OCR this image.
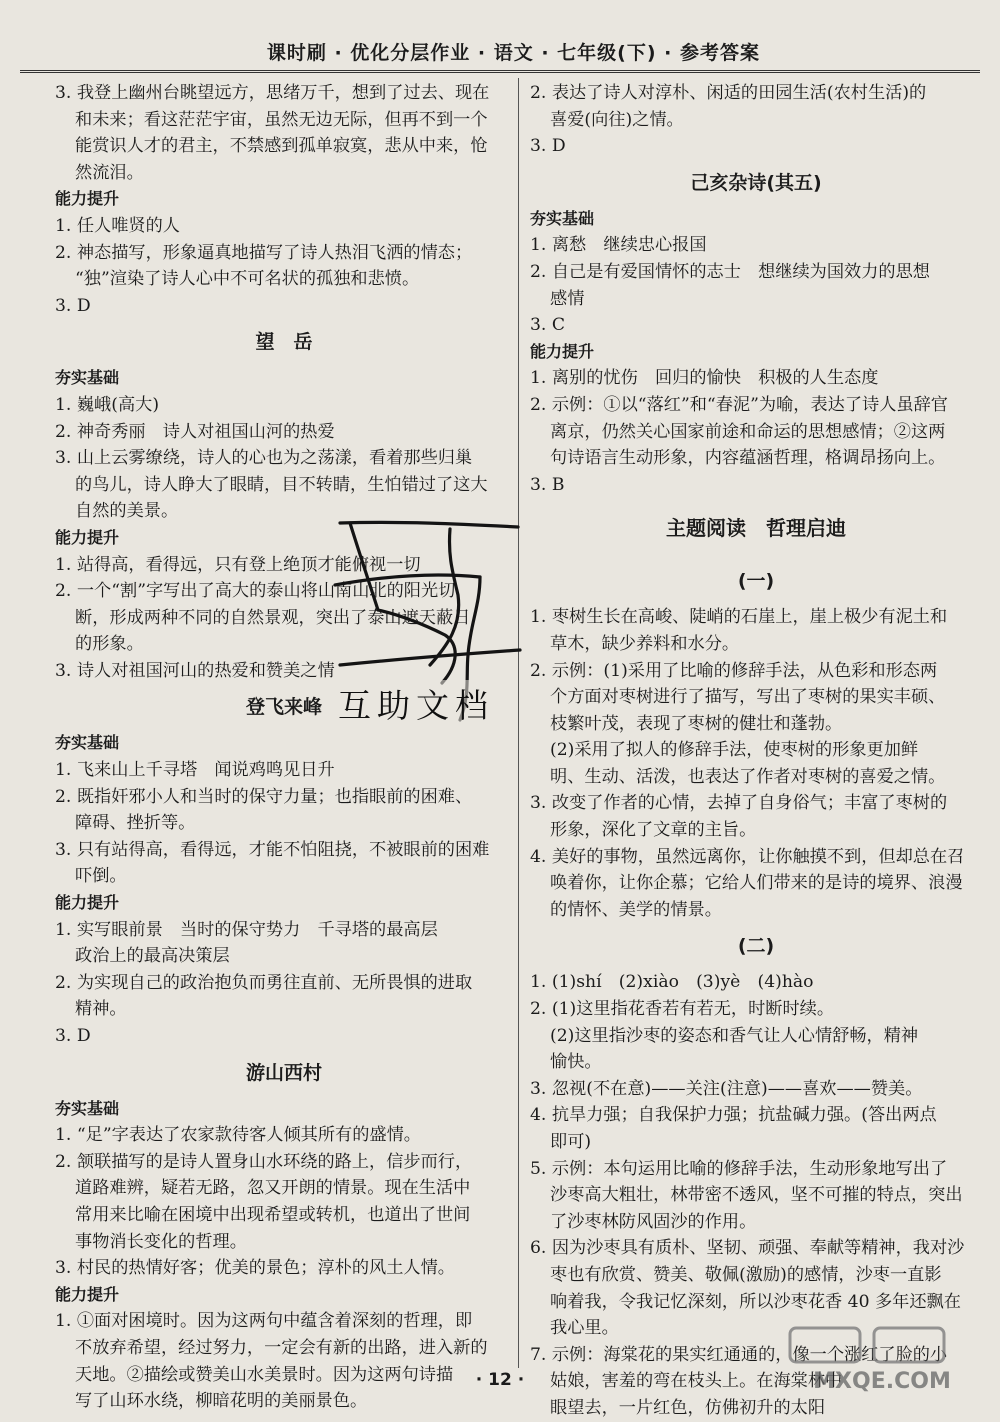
课时刷 · 优化分层作业 · 语文 · 七年级(下) · 参考答案
3. 我登上幽州台眺望远方，思绪万千，想到了过去、现在
和未来；看这茫茫宇宙，虽然无边无际，但再不到一个
能赏识人才的君主，不禁感到孤单寂寞，悲从中来，怆
然流泪。
能力提升
1. 任人唯贤的人
2. 神态描写，形象逼真地描写了诗人热泪飞洒的情态；
“独”渲染了诗人心中不可名状的孤独和悲愤。
3. D
望　岳
夯实基础
1. 巍峨(高大)
2. 神奇秀丽　诗人对祖国山河的热爱
3. 山上云雾缭绕，诗人的心也为之荡漾，看着那些归巢
的鸟儿，诗人睁大了眼睛，目不转睛，生怕错过了这大
自然的美景。
能力提升
1. 站得高，看得远，只有登上绝顶才能俯视一切
2. 一个“割”字写出了高大的泰山将山南山北的阳光切
断，形成两种不同的自然景观，突出了泰山遮天蔽日
的形象。
3. 诗人对祖国河山的热爱和赞美之情
登飞来峰
夯实基础
1. 飞来山上千寻塔　闻说鸡鸣见日升
2. 既指奸邪小人和当时的保守力量；也指眼前的困难、
障碍、挫折等。
3. 只有站得高，看得远，才能不怕阻挠，不被眼前的困难
吓倒。
能力提升
1. 实写眼前景　当时的保守势力　千寻塔的最高层
政治上的最高决策层
2. 为实现自己的政治抱负而勇往直前、无所畏惧的进取
精神。
3. D
游山西村
夯实基础
1. “足”字表达了农家款待客人倾其所有的盛情。
2. 颔联描写的是诗人置身山水环绕的路上，信步而行，
道路难辨，疑若无路，忽又开朗的情景。现在生活中
常用来比喻在困境中出现希望或转机，也道出了世间
事物消长变化的哲理。
3. 村民的热情好客；优美的景色；淳朴的风土人情。
能力提升
1. ①面对困境时。因为这两句中蕴含着深刻的哲理，即
不放弃希望，经过努力，一定会有新的出路，进入新的
天地。②描绘或赞美山水美景时。因为这两句诗描
写了山环水绕，柳暗花明的美丽景色。
2. 表达了诗人对淳朴、闲适的田园生活(农村生活)的
喜爱(向往)之情。
3. D
己亥杂诗(其五)
夯实基础
1. 离愁　继续忠心报国
2. 自己是有爱国情怀的志士　想继续为国效力的思想
感情
3. C
能力提升
1. 离别的忧伤　回归的愉快　积极的人生态度
2. 示例：①以“落红”和“春泥”为喻，表达了诗人虽辞官
离京，仍然关心国家前途和命运的思想感情；②这两
句诗语言生动形象，内容蕴涵哲理，格调昂扬向上。
3. B
主题阅读　哲理启迪
(一)
1. 枣树生长在高峻、陡峭的石崖上，崖上极少有泥土和
草木，缺少养料和水分。
2. 示例：(1)采用了比喻的修辞手法，从色彩和形态两
个方面对枣树进行了描写，写出了枣树的果实丰硕、
枝繁叶茂，表现了枣树的健壮和蓬勃。
(2)采用了拟人的修辞手法，使枣树的形象更加鲜
明、生动、活泼，也表达了作者对枣树的喜爱之情。
3. 改变了作者的心情，去掉了自身俗气；丰富了枣树的
形象，深化了文章的主旨。
4. 美好的事物，虽然远离你，让你触摸不到，但却总在召
唤着你，让你企慕；它给人们带来的是诗的境界、浪漫
的情怀、美学的情景。
(二)
1. (1)shí　(2)xiào　(3)yè　(4)hào
2. (1)这里指花香若有若无，时断时续。
(2)这里指沙枣的姿态和香气让人心情舒畅，精神
愉快。
3. 忽视(不在意)——关注(注意)——喜欢——赞美。
4. 抗旱力强；自我保护力强；抗盐碱力强。(答出两点
即可)
5. 示例：本句运用比喻的修辞手法，生动形象地写出了
沙枣高大粗壮，林带密不透风，坚不可摧的特点，突出
了沙枣林防风固沙的作用。
6. 因为沙枣具有质朴、坚韧、顽强、奉献等精神，我对沙
枣也有欣赏、赞美、敬佩(激励)的感情，沙枣一直影
响着我，令我记忆深刻，所以沙枣花香 40 多年还飘在
我心里。
7. 示例：海棠花的果实红通通的，像一个涨红了脸的小
姑娘，害羞的弯在枝头上。在海棠林中
眼望去，一片红色，仿佛初升的太阳
互助文档
MXQE.COM
· 12 ·
